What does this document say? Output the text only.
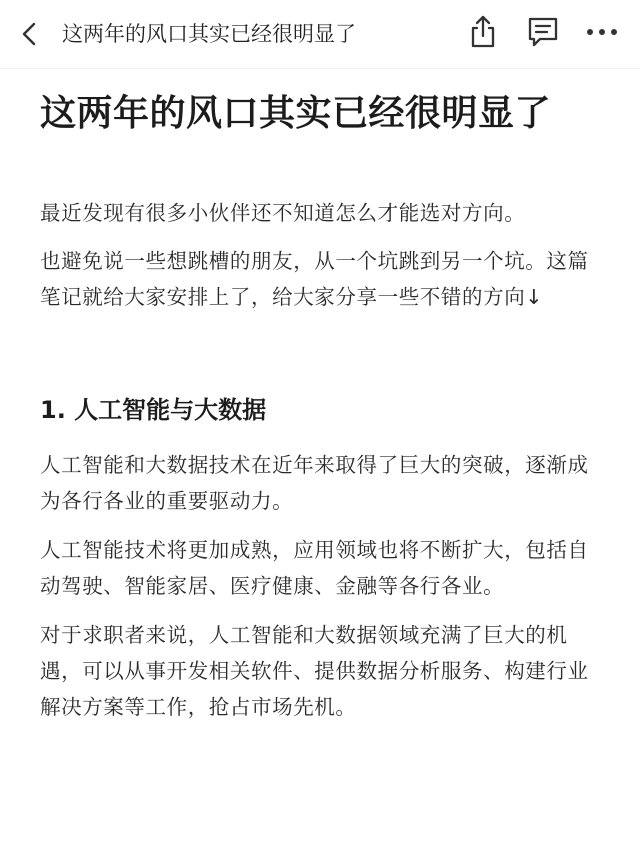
这两年的风口其实已经很明显了
这两年的风口其实已经很明显了

最近发现有很多小伙伴还不知道怎么才能选对方向。

也避免说一些想跳槽的朋友，从一个坑跳到另一个坑。这篇笔记就给大家安排上了，给大家分享一些不错的方向↓

1. 人工智能与大数据

人工智能和大数据技术在近年来取得了巨大的突破，逐渐成为各行各业的重要驱动力。

人工智能技术将更加成熟，应用领域也将不断扩大，包括自动驾驶、智能家居、医疗健康、金融等各行各业。

对于求职者来说，人工智能和大数据领域充满了巨大的机遇，可以从事开发相关软件、提供数据分析服务、构建行业解决方案等工作，抢占市场先机。
